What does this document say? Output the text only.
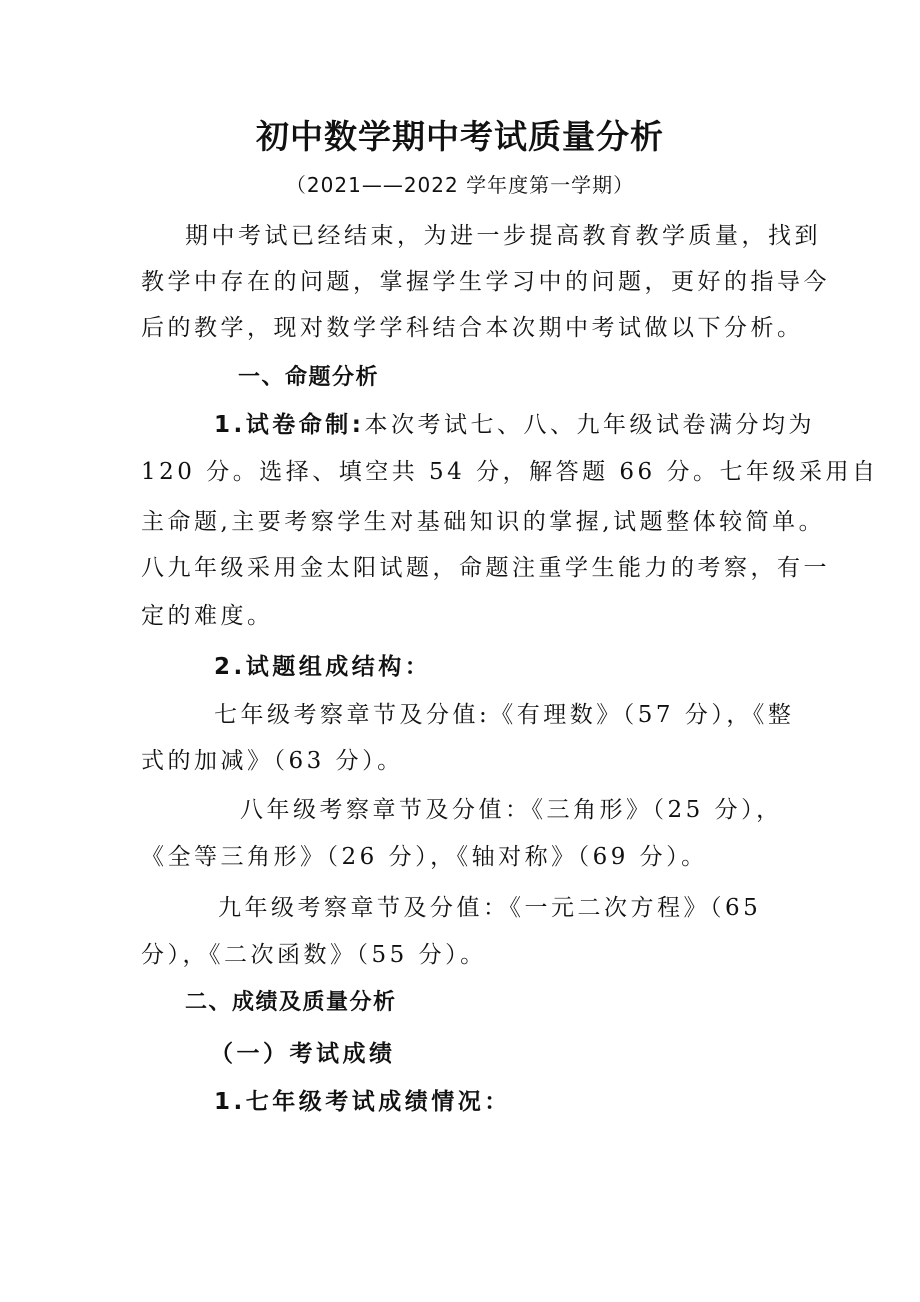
初中数学期中考试质量分析
（2021——2022 学年度第一学期）
期中考试已经结束，为进一步提高教育教学质量，找到
教学中存在的问题，掌握学生学习中的问题，更好的指导今
后的教学，现对数学学科结合本次期中考试做以下分析。
一、命题分析
1.试卷命制:本次考试七、八、九年级试卷满分均为
120 分。选择、填空共 54 分，解答题 66 分。七年级采用自
主命题,主要考察学生对基础知识的掌握,试题整体较简单。
八九年级采用金太阳试题，命题注重学生能力的考察，有一
定的难度。
2.试题组成结构：
七年级考察章节及分值:《有理数》（57 分），《整
式的加减》（63 分）。
八年级考察章节及分值：《三角形》（25 分），
《全等三角形》（26 分），《轴对称》（69 分）。
九年级考察章节及分值：《一元二次方程》（65
分），《二次函数》（55 分）。
二、成绩及质量分析
（一）考试成绩
1.七年级考试成绩情况：
